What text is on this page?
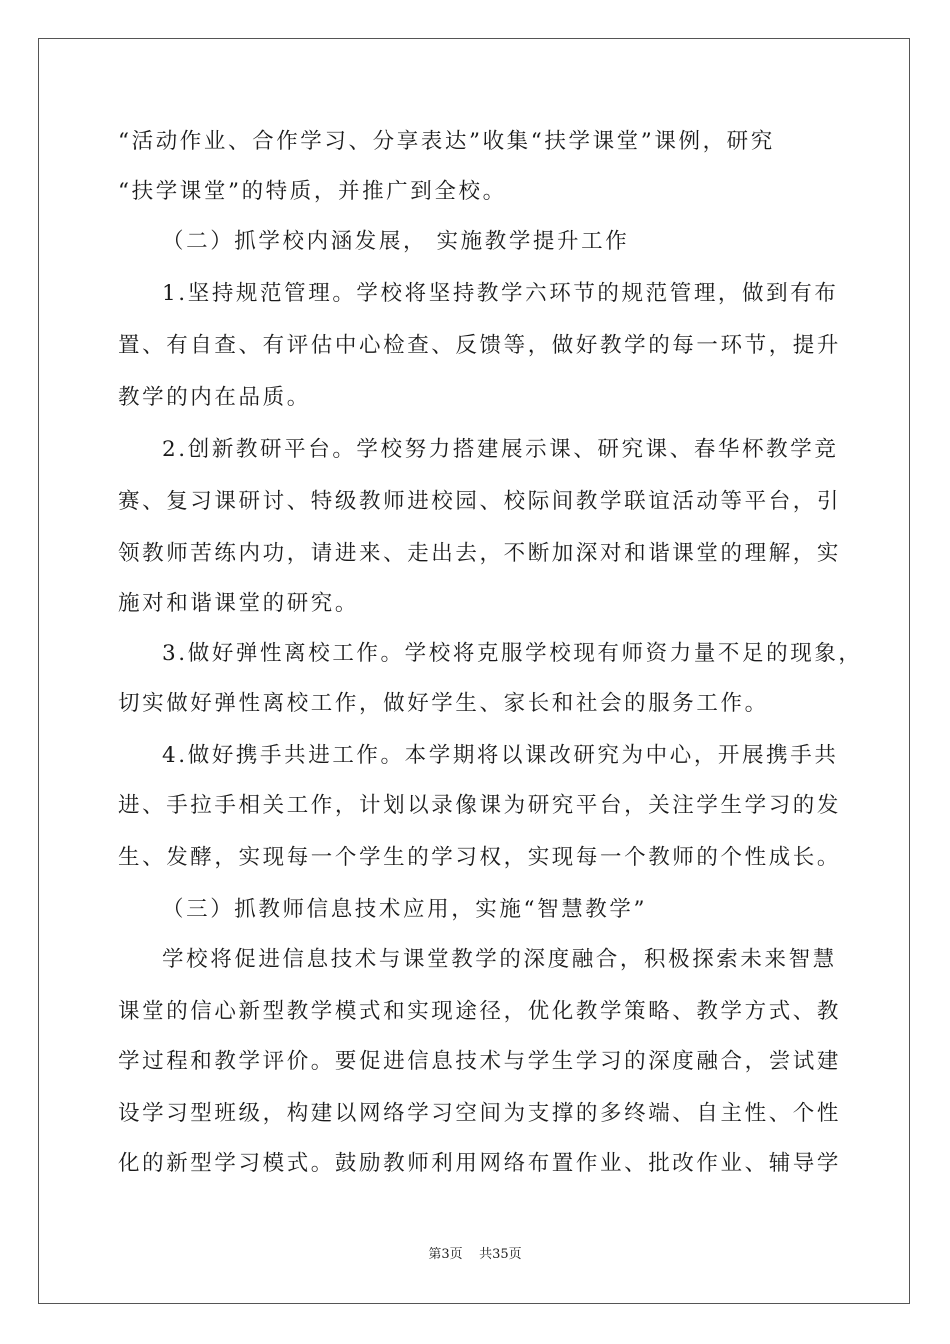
“活动作业、合作学习、分享表达”收集“扶学课堂”课例，研究
“扶学课堂”的特质，并推广到全校。
（二）抓学校内涵发展， 实施教学提升工作
1.坚持规范管理。学校将坚持教学六环节的规范管理，做到有布
置、有自查、有评估中心检查、反馈等，做好教学的每一环节，提升
教学的内在品质。
2.创新教研平台。学校努力搭建展示课、研究课、春华杯教学竞
赛、复习课研讨、特级教师进校园、校际间教学联谊活动等平台，引
领教师苦练内功，请进来、走出去，不断加深对和谐课堂的理解，实
施对和谐课堂的研究。
3.做好弹性离校工作。学校将克服学校现有师资力量不足的现象，
切实做好弹性离校工作，做好学生、家长和社会的服务工作。
4.做好携手共进工作。本学期将以课改研究为中心，开展携手共
进、手拉手相关工作，计划以录像课为研究平台，关注学生学习的发
生、发酵，实现每一个学生的学习权，实现每一个教师的个性成长。
（三）抓教师信息技术应用，实施“智慧教学”
学校将促进信息技术与课堂教学的深度融合，积极探索未来智慧
课堂的信心新型教学模式和实现途径，优化教学策略、教学方式、教
学过程和教学评价。要促进信息技术与学生学习的深度融合，尝试建
设学习型班级，构建以网络学习空间为支撑的多终端、自主性、个性
化的新型学习模式。鼓励教师利用网络布置作业、批改作业、辅导学
第3页    共35页
